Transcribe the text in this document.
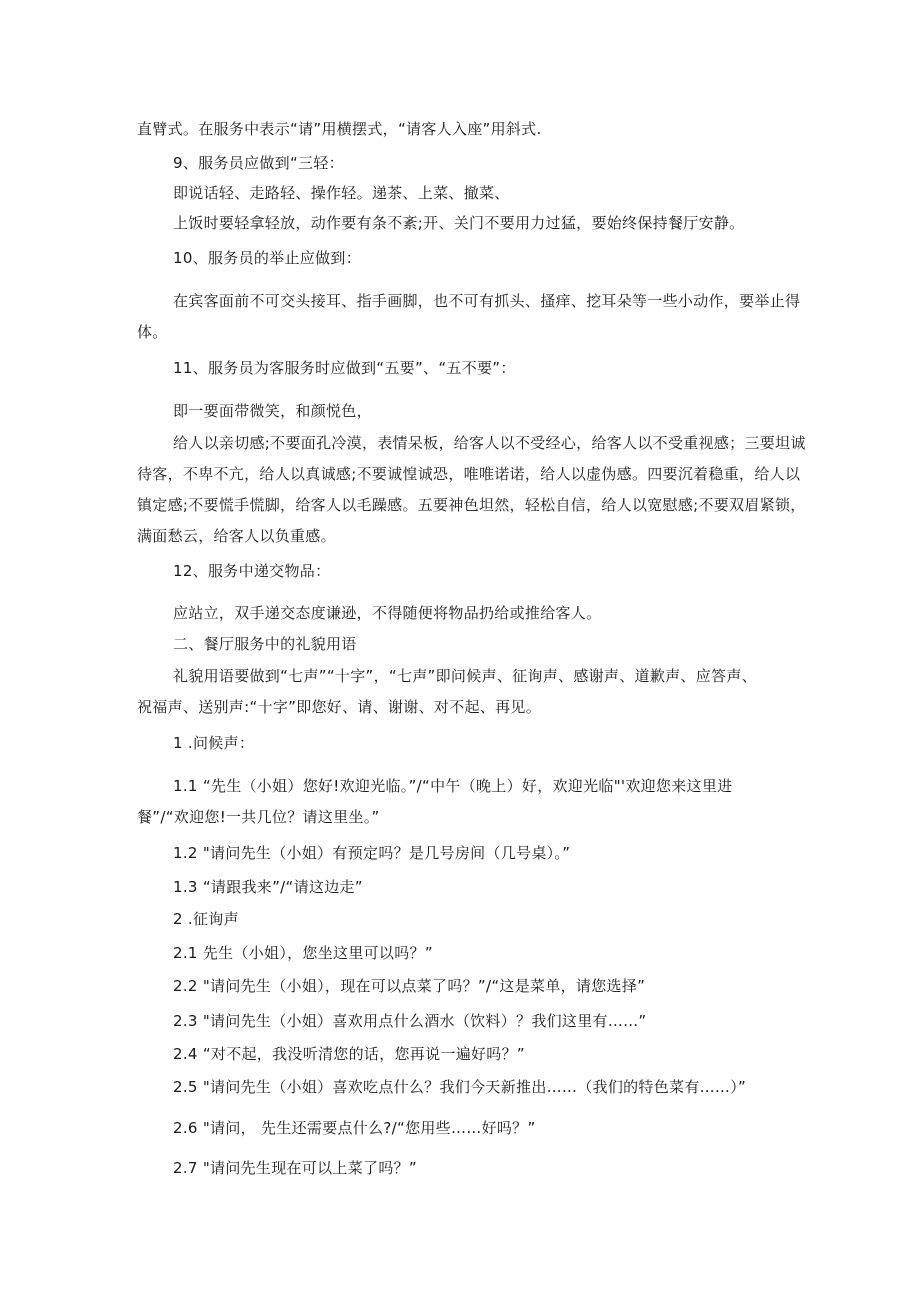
直臂式。在服务中表示“请”用横摆式，“请客人入座”用斜式.

9、服务员应做到“三轻：

即说话轻、走路轻、操作轻。递茶、上菜、撤菜、

上饭时要轻拿轻放，动作要有条不紊;开、关门不要用力过猛，要始终保持餐厅安静。

10、服务员的举止应做到：

在宾客面前不可交头接耳、指手画脚，也不可有抓头、搔痒、挖耳朵等一些小动作，要举止得

体。

11、服务员为客服务时应做到“五要”、“五不要”：

即一要面带微笑，和颜悦色，

给人以亲切感;不要面孔冷漠，表情呆板，给客人以不受经心，给客人以不受重视感；三要坦诚

待客，不卑不亢，给人以真诚感;不要诚惶诚恐，唯唯诺诺，给人以虚伪感。四要沉着稳重，给人以

镇定感;不要慌手慌脚，给客人以毛躁感。五要神色坦然，轻松自信，给人以宽慰感;不要双眉紧锁，

满面愁云，给客人以负重感。

12、服务中递交物品：

应站立，双手递交态度谦逊，不得随便将物品扔给或推给客人。

二、餐厅服务中的礼貌用语

礼貌用语要做到“七声”“十字”，“七声”即问候声、征询声、感谢声、道歉声、应答声、

祝福声、送别声:“十字”即您好、请、谢谢、对不起、再见。

1 .问候声：

1.1 “先生（小姐）您好!欢迎光临。”/“中午（晚上）好，欢迎光临"'欢迎您来这里进

餐”/“欢迎您!一共几位？请这里坐。”

1.2 "请问先生（小姐）有预定吗？是几号房间（几号桌）。”

1.3 “请跟我来”/“请这边走”

2 .征询声

2.1 先生（小姐），您坐这里可以吗？”

2.2 "请问先生（小姐），现在可以点菜了吗？”/“这是菜单，请您选择”

2.3 "请问先生（小姐）喜欢用点什么酒水（饮料）？我们这里有……”

2.4 “对不起，我没听清您的话，您再说一遍好吗？”

2.5 "请问先生（小姐）喜欢吃点什么？我们今天新推出……（我们的特色菜有……）”

2.6 "请问， 先生还需要点什么?/“您用些……好吗？”

2.7 "请问先生现在可以上菜了吗？”
